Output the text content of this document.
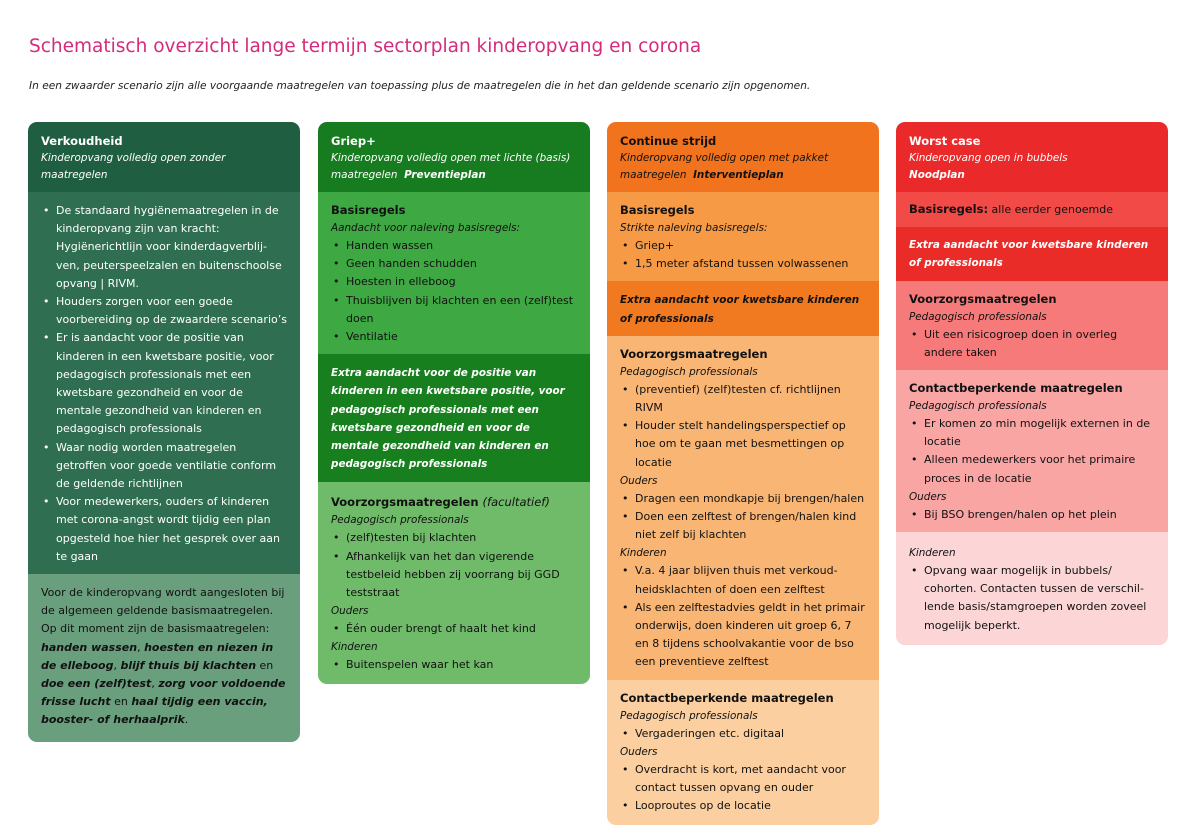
Schematisch overzicht lange termijn sectorplan kinderopvang en corona

In een zwaarder scenario zijn alle voorgaande maatregelen van toepassing plus de maatregelen die in het dan geldende scenario zijn opgenomen.

Verkoudheid
Kinderopvang volledig open zonder maatregelen
• De standaard hygiënemaatregelen in de kinderopvang zijn van kracht: Hygiënerichtlijn voor kinderdagverblij-ven, peuterspeelzalen en buitenschoolse opvang | RIVM.
• Houders zorgen voor een goede voorbereiding op de zwaardere scenario’s
• Er is aandacht voor de positie van kinderen in een kwetsbare positie, voor pedagogisch professionals met een kwetsbare gezondheid en voor de mentale gezondheid van kinderen en pedagogisch professionals
• Waar nodig worden maatregelen getroffen voor goede ventilatie conform de geldende richtlijnen
• Voor medewerkers, ouders of kinderen met corona-angst wordt tijdig een plan opgesteld hoe hier het gesprek over aan te gaan
Voor de kinderopvang wordt aangesloten bij de algemeen geldende basismaatregelen. Op dit moment zijn de basismaatregelen: handen wassen, hoesten en niezen in de elleboog, blijf thuis bij klachten en doe een (zelf)test, zorg voor voldoende frisse lucht en haal tijdig een vaccin, booster- of herhaalprik.
Griep+
Kinderopvang volledig open met lichte (basis) maatregelen Preventieplan
Basisregels
Aandacht voor naleving basisregels:
• Handen wassen
• Geen handen schudden
• Hoesten in elleboog
• Thuisblijven bij klachten en een (zelf)test doen
• Ventilatie
Extra aandacht voor de positie van kinderen in een kwetsbare positie, voor pedagogisch professionals met een kwetsbare gezondheid en voor de mentale gezondheid van kinderen en pedagogisch professionals
Voorzorgsmaatregelen (facultatief)
Pedagogisch professionals
• (zelf)testen bij klachten
• Afhankelijk van het dan vigerende testbeleid hebben zij voorrang bij GGD teststraat
Ouders
• Één ouder brengt of haalt het kind
Kinderen
• Buitenspelen waar het kan
Continue strijd
Kinderopvang volledig open met pakket maatregelen Interventieplan
Basisregels
Strikte naleving basisregels:
• Griep+
• 1,5 meter afstand tussen volwassenen
Extra aandacht voor kwetsbare kinderen of professionals
Voorzorgsmaatregelen
Pedagogisch professionals
• (preventief) (zelf)testen cf. richtlijnen RIVM
• Houder stelt handelingsperspectief op hoe om te gaan met besmettingen op locatie
Ouders
• Dragen een mondkapje bij brengen/halen
• Doen een zelftest of brengen/halen kind niet zelf bij klachten
Kinderen
• V.a. 4 jaar blijven thuis met verkoud-heidsklachten of doen een zelftest
• Als een zelftestadvies geldt in het primair onderwijs, doen kinderen uit groep 6, 7 en 8 tijdens schoolvakantie voor de bso een preventieve zelftest
Contactbeperkende maatregelen
Pedagogisch professionals
• Vergaderingen etc. digitaal
Ouders
• Overdracht is kort, met aandacht voor contact tussen opvang en ouder
• Looproutes op de locatie
Worst case
Kinderopvang open in bubbels
Noodplan
Basisregels: alle eerder genoemde
Extra aandacht voor kwetsbare kinderen of professionals
Voorzorgsmaatregelen
Pedagogisch professionals
• Uit een risicogroep doen in overleg andere taken
Contactbeperkende maatregelen
Pedagogisch professionals
• Er komen zo min mogelijk externen in de locatie
• Alleen medewerkers voor het primaire proces in de locatie
Ouders
• Bij BSO brengen/halen op het plein
Kinderen
• Opvang waar mogelijk in bubbels/ cohorten. Contacten tussen de verschil-lende basis/stamgroepen worden zoveel mogelijk beperkt.
